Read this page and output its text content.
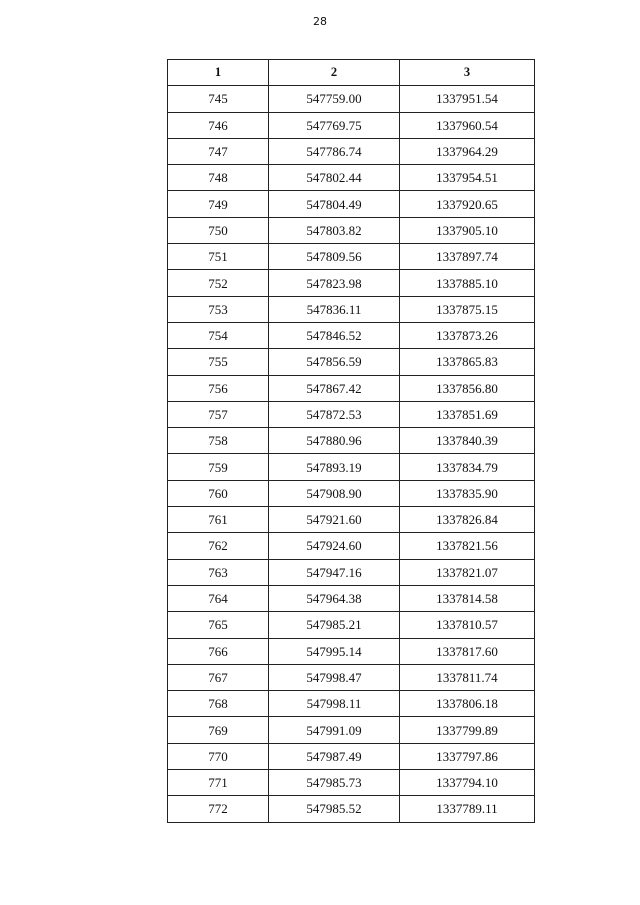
28
1	2	3
745	547759.00	1337951.54
746	547769.75	1337960.54
747	547786.74	1337964.29
748	547802.44	1337954.51
749	547804.49	1337920.65
750	547803.82	1337905.10
751	547809.56	1337897.74
752	547823.98	1337885.10
753	547836.11	1337875.15
754	547846.52	1337873.26
755	547856.59	1337865.83
756	547867.42	1337856.80
757	547872.53	1337851.69
758	547880.96	1337840.39
759	547893.19	1337834.79
760	547908.90	1337835.90
761	547921.60	1337826.84
762	547924.60	1337821.56
763	547947.16	1337821.07
764	547964.38	1337814.58
765	547985.21	1337810.57
766	547995.14	1337817.60
767	547998.47	1337811.74
768	547998.11	1337806.18
769	547991.09	1337799.89
770	547987.49	1337797.86
771	547985.73	1337794.10
772	547985.52	1337789.11
